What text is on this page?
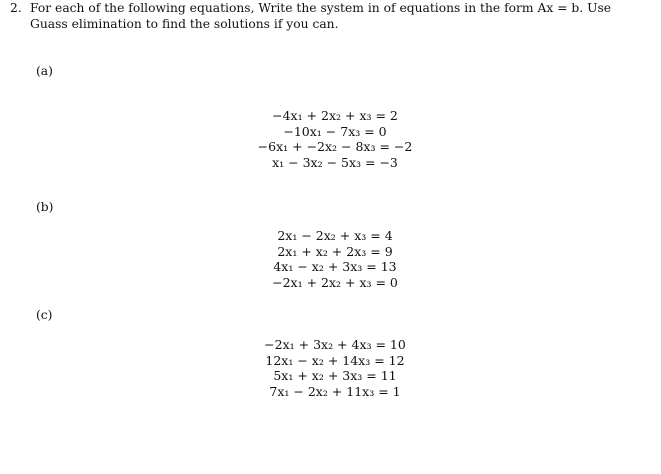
2. For each of the following equations, Write the system in of equations in the form Ax = b. Use Guass elimination to find the solutions if you can.
(a)
−4x₁ + 2x₂ + x₃ = 2
−10x₁ − 7x₃ = 0
−6x₁ + −2x₂ − 8x₃ = −2
x₁ − 3x₂ − 5x₃ = −3
(b)
2x₁ − 2x₂ + x₃ = 4
2x₁ + x₂ + 2x₃ = 9
4x₁ − x₂ + 3x₃ = 13
−2x₁ + 2x₂ + x₃ = 0
(c)
−2x₁ + 3x₂ + 4x₃ = 10
12x₁ − x₂ + 14x₃ = 12
5x₁ + x₂ + 3x₃ = 11
7x₁ − 2x₂ + 11x₃ = 1
